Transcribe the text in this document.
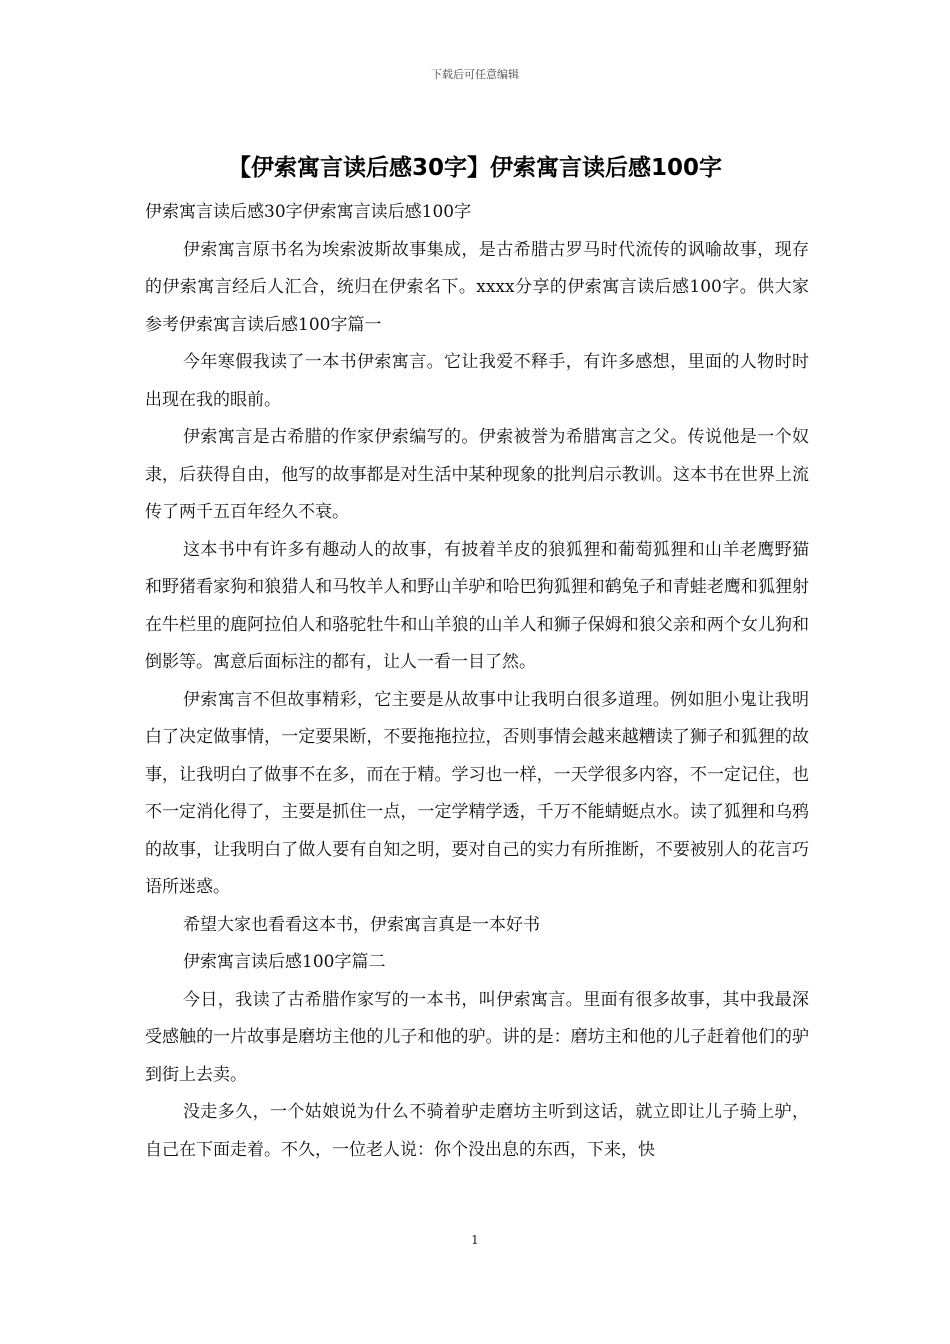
下载后可任意编辑
【伊索寓言读后感30字】伊索寓言读后感100字

伊索寓言读后感30字伊索寓言读后感100字

伊索寓言原书名为埃索波斯故事集成，是古希腊古罗马时代流传的讽喻故事，现存的伊索寓言经后人汇合，统归在伊索名下。xxxx分享的伊索寓言读后感100字。供大家参考伊索寓言读后感100字篇一

今年寒假我读了一本书伊索寓言。它让我爱不释手，有许多感想，里面的人物时时出现在我的眼前。

伊索寓言是古希腊的作家伊索编写的。伊索被誉为希腊寓言之父。传说他是一个奴隶，后获得自由，他写的故事都是对生活中某种现象的批判启示教训。这本书在世界上流传了两千五百年经久不衰。

这本书中有许多有趣动人的故事，有披着羊皮的狼狐狸和葡萄狐狸和山羊老鹰野猫和野猪看家狗和狼猎人和马牧羊人和野山羊驴和哈巴狗狐狸和鹤兔子和青蛙老鹰和狐狸射在牛栏里的鹿阿拉伯人和骆驼牡牛和山羊狼的山羊人和狮子保姆和狼父亲和两个女儿狗和倒影等。寓意后面标注的都有，让人一看一目了然。

伊索寓言不但故事精彩，它主要是从故事中让我明白很多道理。例如胆小鬼让我明白了决定做事情，一定要果断，不要拖拖拉拉，否则事情会越来越糟读了狮子和狐狸的故事，让我明白了做事不在多，而在于精。学习也一样，一天学很多内容，不一定记住，也不一定消化得了，主要是抓住一点，一定学精学透，千万不能蜻蜓点水。读了狐狸和乌鸦的故事，让我明白了做人要有自知之明，要对自己的实力有所推断，不要被别人的花言巧语所迷惑。

希望大家也看看这本书，伊索寓言真是一本好书

伊索寓言读后感100字篇二

今日，我读了古希腊作家写的一本书，叫伊索寓言。里面有很多故事，其中我最深受感触的一片故事是磨坊主他的儿子和他的驴。讲的是：磨坊主和他的儿子赶着他们的驴到街上去卖。

没走多久，一个姑娘说为什么不骑着驴走磨坊主听到这话，就立即让儿子骑上驴，自己在下面走着。不久，一位老人说：你个没出息的东西，下来，快

1
